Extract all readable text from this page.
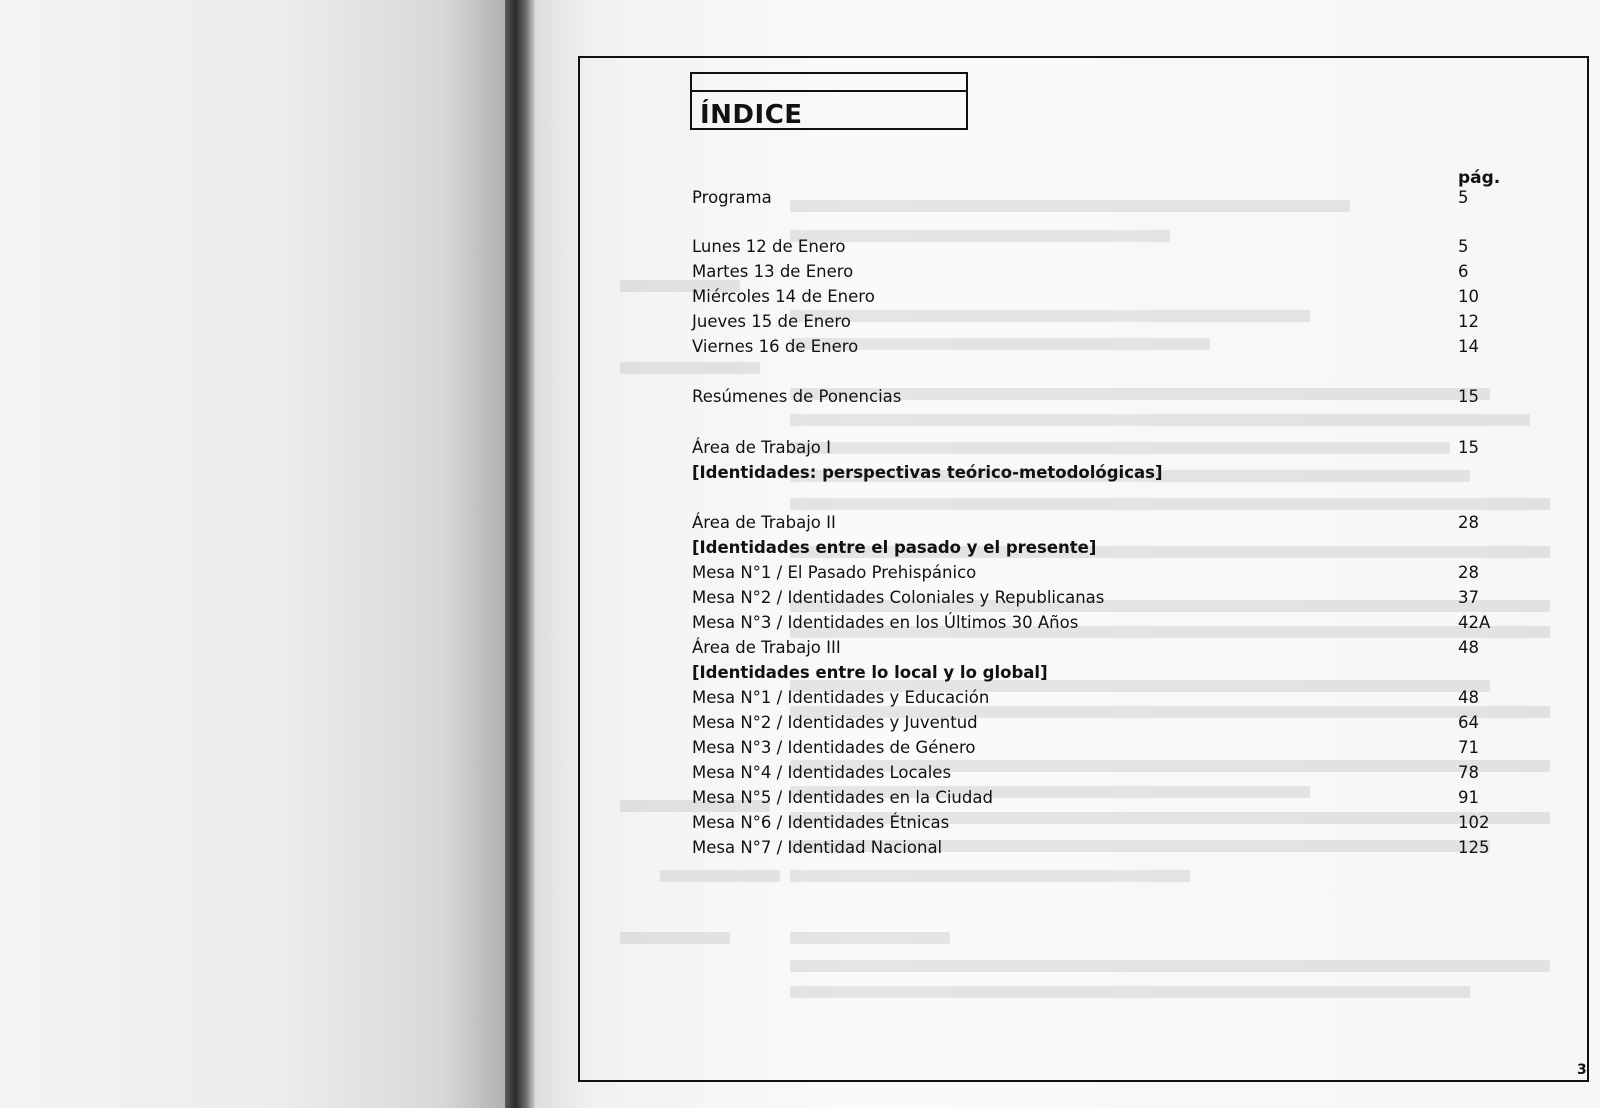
ÍNDICE
pág.
Programa	5
Lunes 12 de Enero	5
Martes 13 de Enero	6
Miércoles 14 de Enero	10
Jueves 15 de Enero	12
Viernes 16 de Enero	14
Resúmenes de Ponencias	15
Área de Trabajo I	15
[Identidades: perspectivas teórico-metodológicas]
Área de Trabajo II	28
[Identidades entre el pasado y el presente]
Mesa N°1 / El Pasado Prehispánico	28
Mesa N°2 / Identidades Coloniales y Republicanas	37
Mesa N°3 / Identidades en los Últimos 30 Años	42A
Área de Trabajo III	48
[Identidades entre lo local y lo global]
Mesa N°1 / Identidades y Educación	48
Mesa N°2 / Identidades y Juventud	64
Mesa N°3 / Identidades de Género	71
Mesa N°4 / Identidades Locales	78
Mesa N°5 / Identidades en la Ciudad	91
Mesa N°6 / Identidades Étnicas	102
Mesa N°7 / Identidad Nacional	125
3
